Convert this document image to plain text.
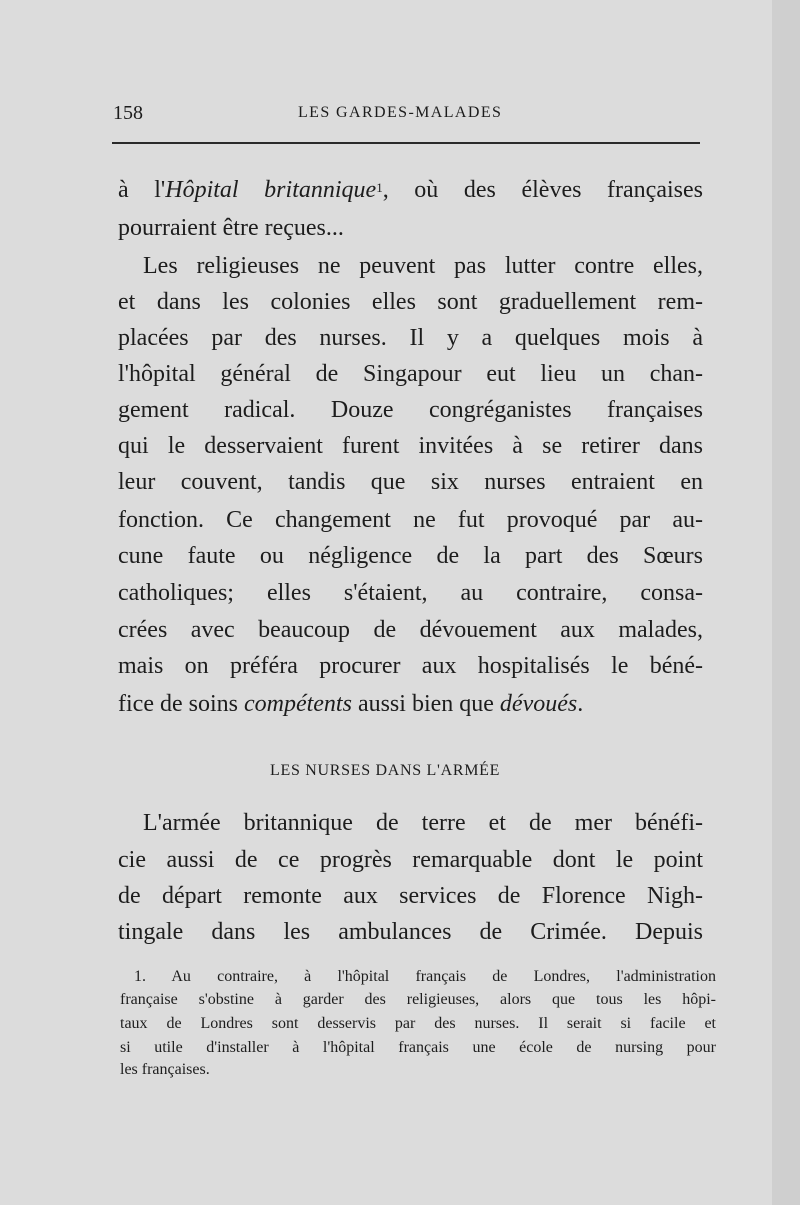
158	LES GARDES-MALADES
à l'Hôpital britannique$^1$, où des élèves françaises
pourraient être reçues...
Les religieuses ne peuvent pas lutter contre elles,
et dans les colonies elles sont graduellement rem-
placées par des nurses. Il y a quelques mois à
l'hôpital général de Singapour eut lieu un chan-
gement radical. Douze congréganistes françaises
qui le desservaient furent invitées à se retirer dans
leur couvent, tandis que six nurses entraient en
fonction. Ce changement ne fut provoqué par au-
cune faute ou négligence de la part des Sœurs
catholiques; elles s'étaient, au contraire, consa-
crées avec beaucoup de dévouement aux malades,
mais on préféra procurer aux hospitalisés le béné-
fice de soins compétents aussi bien que dévoués.
LES NURSES DANS L'ARMÉE
L'armée britannique de terre et de mer bénéfi-
cie aussi de ce progrès remarquable dont le point
de départ remonte aux services de Florence Nigh-
tingale dans les ambulances de Crimée. Depuis
1. Au contraire, à l'hôpital français de Londres, l'administration
française s'obstine à garder des religieuses, alors que tous les hôpi-
taux de Londres sont desservis par des nurses. Il serait si facile et
si utile d'installer à l'hôpital français une école de nursing pour
les françaises.
